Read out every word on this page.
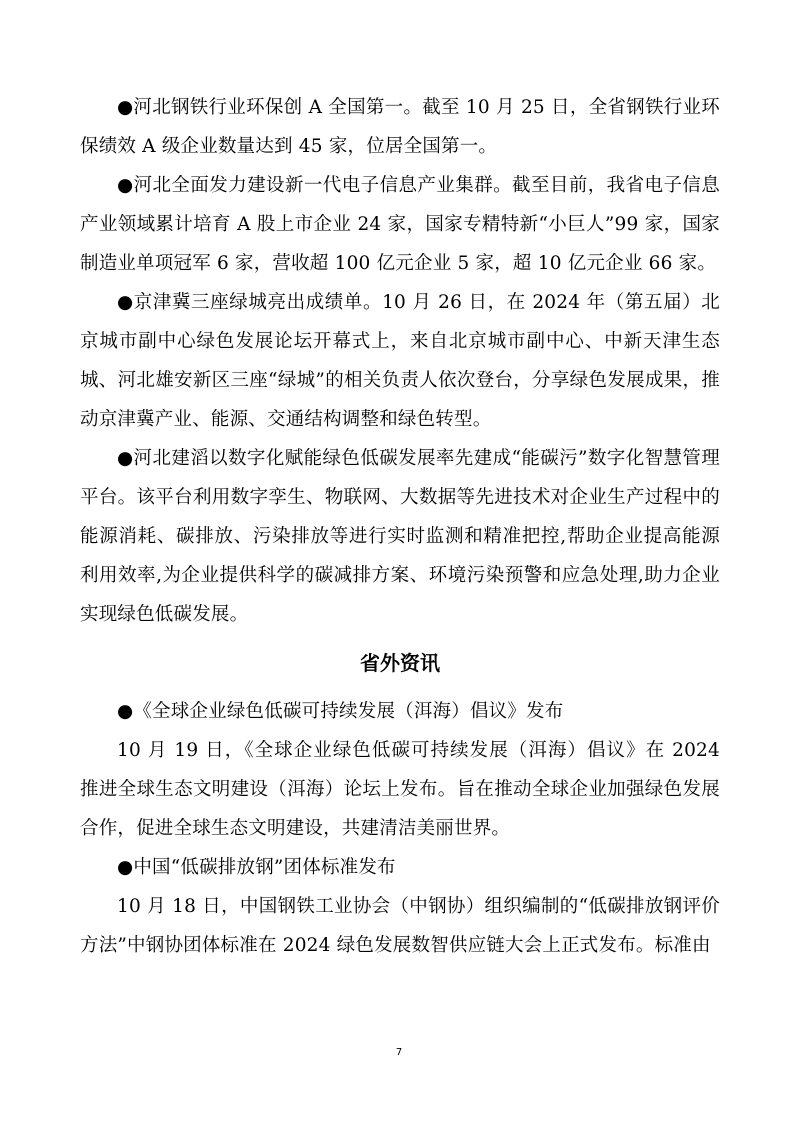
●河北钢铁行业环保创 A 全国第一。截至 10 月 25 日，全省钢铁行业环保绩效 A 级企业数量达到 45 家，位居全国第一。

●河北全面发力建设新一代电子信息产业集群。截至目前，我省电子信息产业领域累计培育 A 股上市企业 24 家，国家专精特新“小巨人”99 家，国家制造业单项冠军 6 家，营收超 100 亿元企业 5 家，超 10 亿元企业 66 家。

●京津冀三座绿城亮出成绩单。10 月 26 日，在 2024 年（第五届）北京城市副中心绿色发展论坛开幕式上，来自北京城市副中心、中新天津生态城、河北雄安新区三座“绿城”的相关负责人依次登台，分享绿色发展成果，推动京津冀产业、能源、交通结构调整和绿色转型。

●河北建滔以数字化赋能绿色低碳发展率先建成“能碳污”数字化智慧管理平台。该平台利用数字孪生、物联网、大数据等先进技术对企业生产过程中的能源消耗、碳排放、污染排放等进行实时监测和精准把控,帮助企业提高能源利用效率,为企业提供科学的碳减排方案、环境污染预警和应急处理,助力企业实现绿色低碳发展。

省外资讯

●《全球企业绿色低碳可持续发展（洱海）倡议》发布

10 月 19 日，《全球企业绿色低碳可持续发展（洱海）倡议》在 2024 推进全球生态文明建设（洱海）论坛上发布。旨在推动全球企业加强绿色发展合作，促进全球生态文明建设，共建清洁美丽世界。

●中国“低碳排放钢”团体标准发布

10 月 18 日，中国钢铁工业协会（中钢协）组织编制的“低碳排放钢评价方法”中钢协团体标准在 2024 绿色发展数智供应链大会上正式发布。标准由

7
